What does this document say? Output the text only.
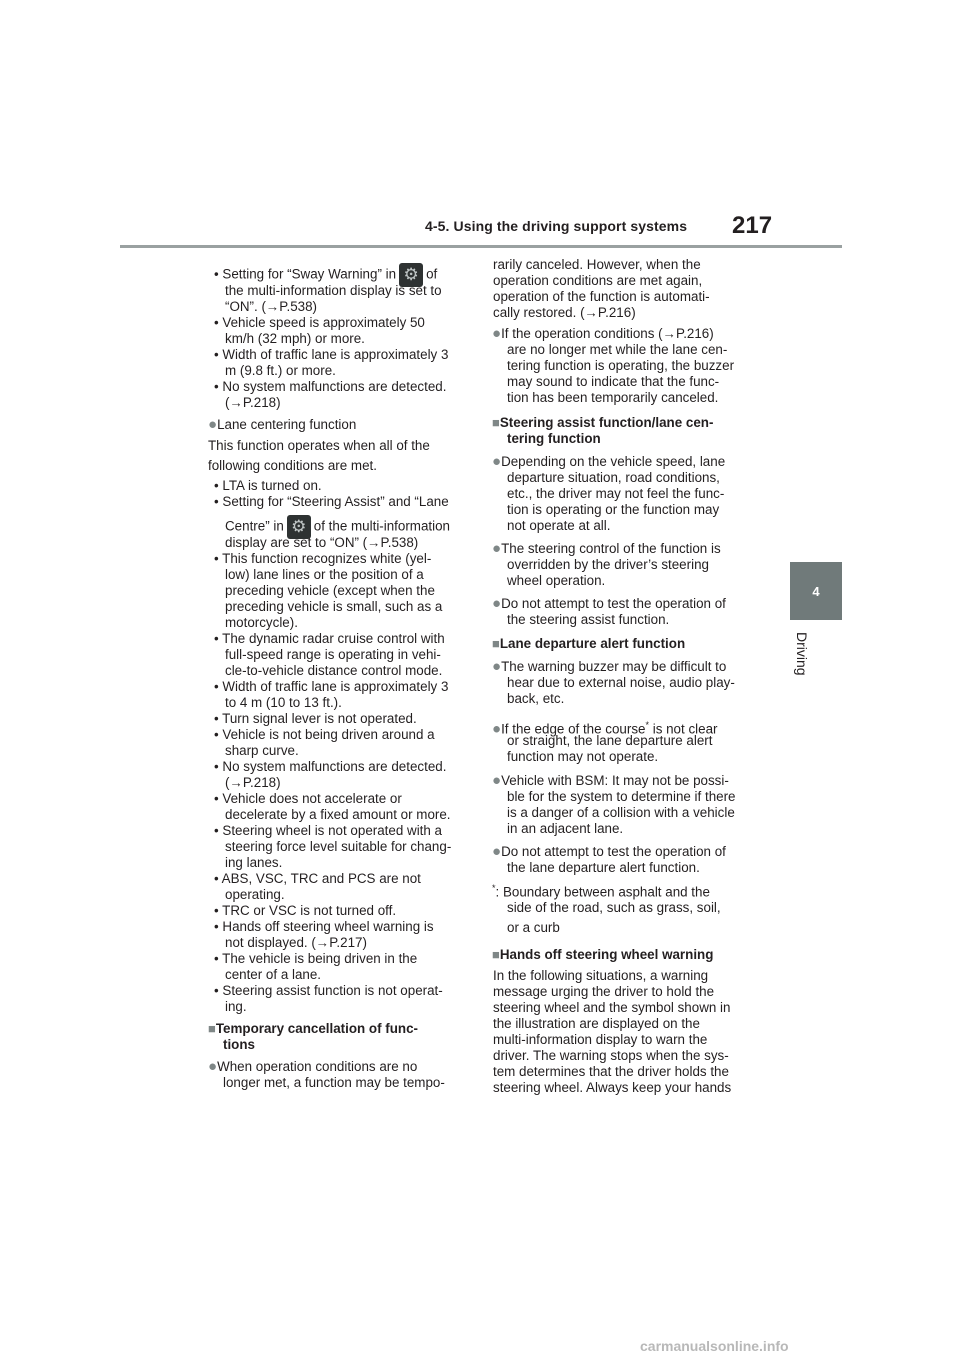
4-5. Using the driving support systems 217
4
Driving
• Setting for “Sway Warning” in ⚙ of
the multi-information display is set to
“ON”. (→P.538)
• Vehicle speed is approximately 50
km/h (32 mph) or more.
• Width of traffic lane is approximately 3
m (9.8 ft.) or more.
• No system malfunctions are detected.
(→P.218)
●Lane centering function
This function operates when all of the
following conditions are met.
• LTA is turned on.
• Setting for “Steering Assist” and “Lane
Centre” in ⚙ of the multi-information
display are set to “ON” (→P.538)
• This function recognizes white (yel-
low) lane lines or the position of a
preceding vehicle (except when the
preceding vehicle is small, such as a
motorcycle).
• The dynamic radar cruise control with
full-speed range is operating in vehi-
cle-to-vehicle distance control mode.
• Width of traffic lane is approximately 3
to 4 m (10 to 13 ft.).
• Turn signal lever is not operated.
• Vehicle is not being driven around a
sharp curve.
• No system malfunctions are detected.
(→P.218)
• Vehicle does not accelerate or
decelerate by a fixed amount or more.
• Steering wheel is not operated with a
steering force level suitable for chang-
ing lanes.
• ABS, VSC, TRC and PCS are not
operating.
• TRC or VSC is not turned off.
• Hands off steering wheel warning is
not displayed. (→P.217)
• The vehicle is being driven in the
center of a lane.
• Steering assist function is not operat-
ing.
■Temporary cancellation of func-
tions
●When operation conditions are no
longer met, a function may be tempo-
rarily canceled. However, when the
operation conditions are met again,
operation of the function is automati-
cally restored. (→P.216)
●If the operation conditions (→P.216)
are no longer met while the lane cen-
tering function is operating, the buzzer
may sound to indicate that the func-
tion has been temporarily canceled.
■Steering assist function/lane cen-
tering function
●Depending on the vehicle speed, lane
departure situation, road conditions,
etc., the driver may not feel the func-
tion is operating or the function may
not operate at all.
●The steering control of the function is
overridden by the driver’s steering
wheel operation.
●Do not attempt to test the operation of
the steering assist function.
■Lane departure alert function
●The warning buzzer may be difficult to
hear due to external noise, audio play-
back, etc.
●If the edge of the course* is not clear
or straight, the lane departure alert
function may not operate.
●Vehicle with BSM: It may not be possi-
ble for the system to determine if there
is a danger of a collision with a vehicle
in an adjacent lane.
●Do not attempt to test the operation of
the lane departure alert function.
*: Boundary between asphalt and the
side of the road, such as grass, soil,
or a curb
■Hands off steering wheel warning
In the following situations, a warning
message urging the driver to hold the
steering wheel and the symbol shown in
the illustration are displayed on the
multi-information display to warn the
driver. The warning stops when the sys-
tem determines that the driver holds the
steering wheel. Always keep your hands
carmanualsonline.info
